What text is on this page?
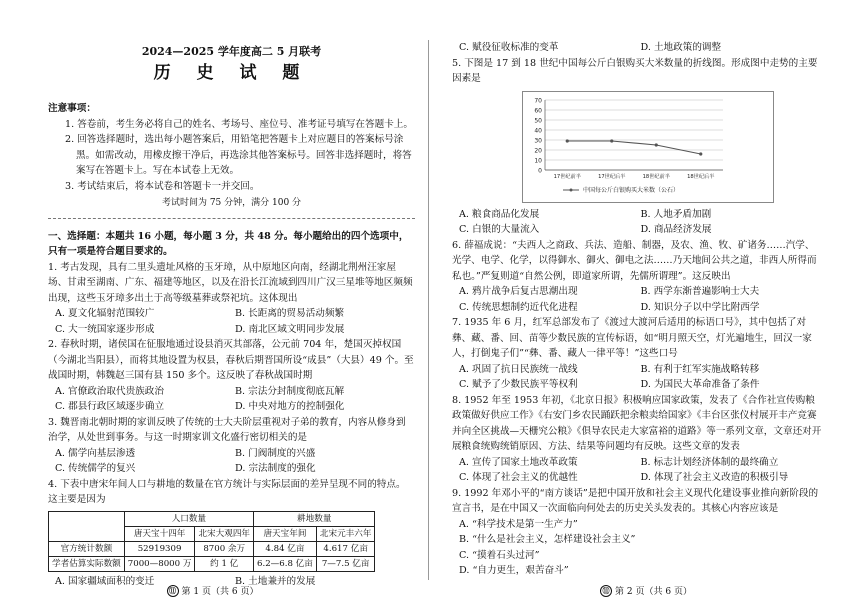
2024—2025 学年度高二 5 月联考
历 史 试 题
注意事项：
1. 答卷前，考生务必将自己的姓名、考场号、座位号、准考证号填写在答题卡上。
2. 回答选择题时，选出每小题答案后，用铅笔把答题卡上对应题目的答案标号涂黑。如需改动，用橡皮擦干净后，再选涂其他答案标号。回答非选择题时，将答案写在答题卡上。写在本试卷上无效。
3. 考试结束后，将本试卷和答题卡一并交回。
考试时间为 75 分钟，满分 100 分
一、选择题：本题共 16 小题，每小题 3 分，共 48 分。每小题给出的四个选项中，只有一项是符合题目要求的。
1. 考古发现，具有二里头遗址风格的玉牙璋，从中原地区向南，经湖北荆州汪家屋场、甘肃至湖南、广东、福建等地区，以及在沿长江流域到四川广汉三星堆等地区频频出现，这些玉牙璋多出土于高等级墓葬或祭祀坑。这体现出
A. 夏文化辐射范围较广	B. 长距离的贸易活动频繁
C. 大一统国家逐步形成	D. 南北区域文明同步发展
2. 春秋时期，诸侯国在征服地通过设县消灭其部落，公元前 704 年，楚国灭掉权国（今湖北当阳县），而将其地设置为权县，春秋后期晋国所设“成县”（大县）49 个。至战国时期，韩魏赵三国有县 150 多个。这反映了春秋战国时期
A. 官僚政治取代贵族政治	B. 宗法分封制度彻底瓦解
C. 郡县行政区域逐步确立	D. 中央对地方的控制强化
3. 魏晋南北朝时期的家训反映了传统的士大夫阶层重视对子弟的教育，内容从修身到治学，从处世到事务。与这一时期家训文化盛行密切相关的是
A. 儒学向基层渗透	B. 门阀制度的兴盛
C. 传统儒学的复兴	D. 宗法制度的强化
4. 下表中唐宋年间人口与耕地的数量在官方统计与实际层面的差异呈现不同的特点。这主要是因为
	人口数量		耕地数量	
	唐天宝十四年	北宋大观四年	唐天宝年间	北宋元丰六年
官方统计数额	52919309	8700 余万	4.84 亿亩	4.617 亿亩
学者估算实际数额	7000—8000 万	约 1 亿	6.2—6.8 亿亩	7—7.5 亿亩
A. 国家疆域面积的变迁	B. 土地兼并的发展
⑪ 第 1 页（共 6 页）
C. 赋役征收标准的变革	D. 土地政策的调整
5. 下图是 17 到 18 世纪中国每公斤白银购买大米数量的折线图。形成图中走势的主要因素是
0
10
20
30
40
50
60
70
17世纪前半	17世纪后半	18世纪前半	18世纪后半
中国每公斤白银购买大米数（公石）
A. 粮食商品化发展	B. 人地矛盾加剧
C. 白银的大量流入	D. 商品经济发展
6. 薛福成说：“夫西人之商政、兵法、造船、制器，及农、渔、牧、矿诸务……汽学、光学、电学、化学，以得御水、御火、御电之法……乃天地间公共之道，非西人所得而私也。”严复则道“自然公例，即道家所谓，先儒所谓理”。这反映出
A. 鸦片战争后复古思潮出现	B. 西学东渐普遍影响士大夫
C. 传统思想制约近代化进程	D. 知识分子以中学比附西学
7. 1935 年 6 月，红军总部发布了《渡过大渡河后适用的标语口号》，其中包括了对彝、藏、番、回、苗等少数民族的宣传标语，如“明月照天空，灯光遍地生，回汉一家人，打倒鬼子们”“彝、番、藏人一律平等！”这些口号
A. 巩固了抗日民族统一战线	B. 有利于红军实施战略转移
C. 赋予了少数民族平等权利	D. 为国民大革命准备了条件
8. 1952 年至 1953 年初，《北京日报》积极响应国家政策，发表了《合作社宣传购粮政策做好供应工作》《右安门乡农民踊跃把余粮卖给国家》《丰台区张仪村展开丰产竞赛并向全区挑战—天栅究公粮》《俱导农民走大家富裕的道路》等一系列文章，文章还对开展粮食统购统销原因、方法、结果等问题均有反映。这些文章的发表
A. 宣传了国家土地改革政策	B. 标志计划经济体制的最终确立
C. 体现了社会主义的优越性	D. 体现了社会主义改造的积极引导
9. 1992 年邓小平的“南方谈话”是把中国开放和社会主义现代化建设事业推向新阶段的宣言书，是在中国又一次面临向何处去的历史关头发表的。其核心内容应该是
A. “科学技术是第一生产力”
B. “什么是社会主义，怎样建设社会主义”
C. “摸着石头过河”
D. “自力更生，艰苦奋斗”
⑪ 第 2 页（共 6 页）
